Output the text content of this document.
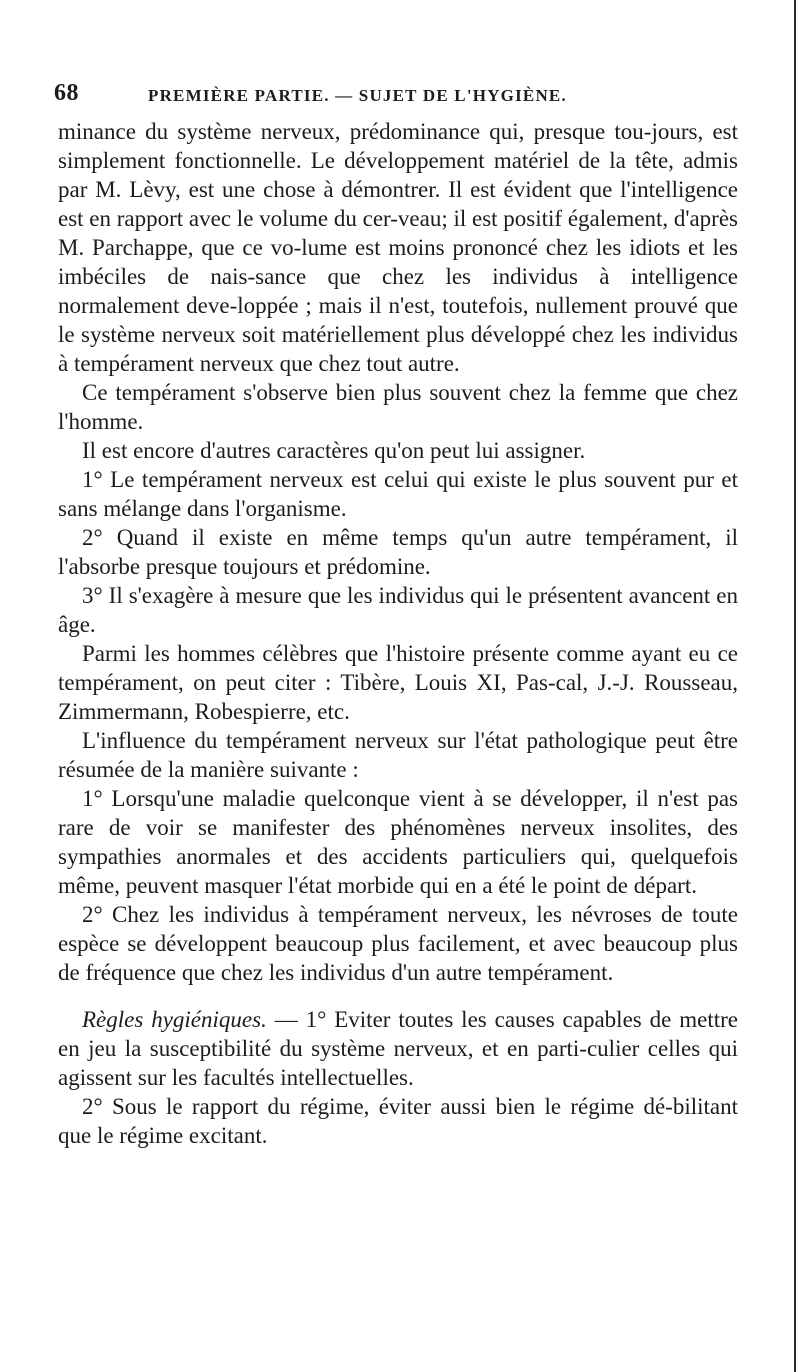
68	PREMIÈRE PARTIE. — SUJET DE L'HYGIÈNE.

minance du système nerveux, prédominance qui, presque tou-jours, est simplement fonctionnelle. Le développement matériel de la tête, admis par M. Lèvy, est une chose à démontrer. Il est évident que l'intelligence est en rapport avec le volume du cer-veau; il est positif également, d'après M. Parchappe, que ce vo-lume est moins prononcé chez les idiots et les imbéciles de nais-sance que chez les individus à intelligence normalement deve-loppée ; mais il n'est, toutefois, nullement prouvé que le système nerveux soit matériellement plus développé chez les individus à tempérament nerveux que chez tout autre.

Ce tempérament s'observe bien plus souvent chez la femme que chez l'homme.

Il est encore d'autres caractères qu'on peut lui assigner.

1° Le tempérament nerveux est celui qui existe le plus souvent pur et sans mélange dans l'organisme.

2° Quand il existe en même temps qu'un autre tempérament, il l'absorbe presque toujours et prédomine.

3° Il s'exagère à mesure que les individus qui le présentent avancent en âge.

Parmi les hommes célèbres que l'histoire présente comme ayant eu ce tempérament, on peut citer : Tibère, Louis XI, Pas-cal, J.-J. Rousseau, Zimmermann, Robespierre, etc.

L'influence du tempérament nerveux sur l'état pathologique peut être résumée de la manière suivante :

1° Lorsqu'une maladie quelconque vient à se développer, il n'est pas rare de voir se manifester des phénomènes nerveux insolites, des sympathies anormales et des accidents particuliers qui, quelquefois même, peuvent masquer l'état morbide qui en a été le point de départ.

2° Chez les individus à tempérament nerveux, les névroses de toute espèce se développent beaucoup plus facilement, et avec beaucoup plus de fréquence que chez les individus d'un autre tempérament.

Règles hygiéniques. — 1° Eviter toutes les causes capables de mettre en jeu la susceptibilité du système nerveux, et en parti-culier celles qui agissent sur les facultés intellectuelles.

2° Sous le rapport du régime, éviter aussi bien le régime dé-bilitant que le régime excitant.
